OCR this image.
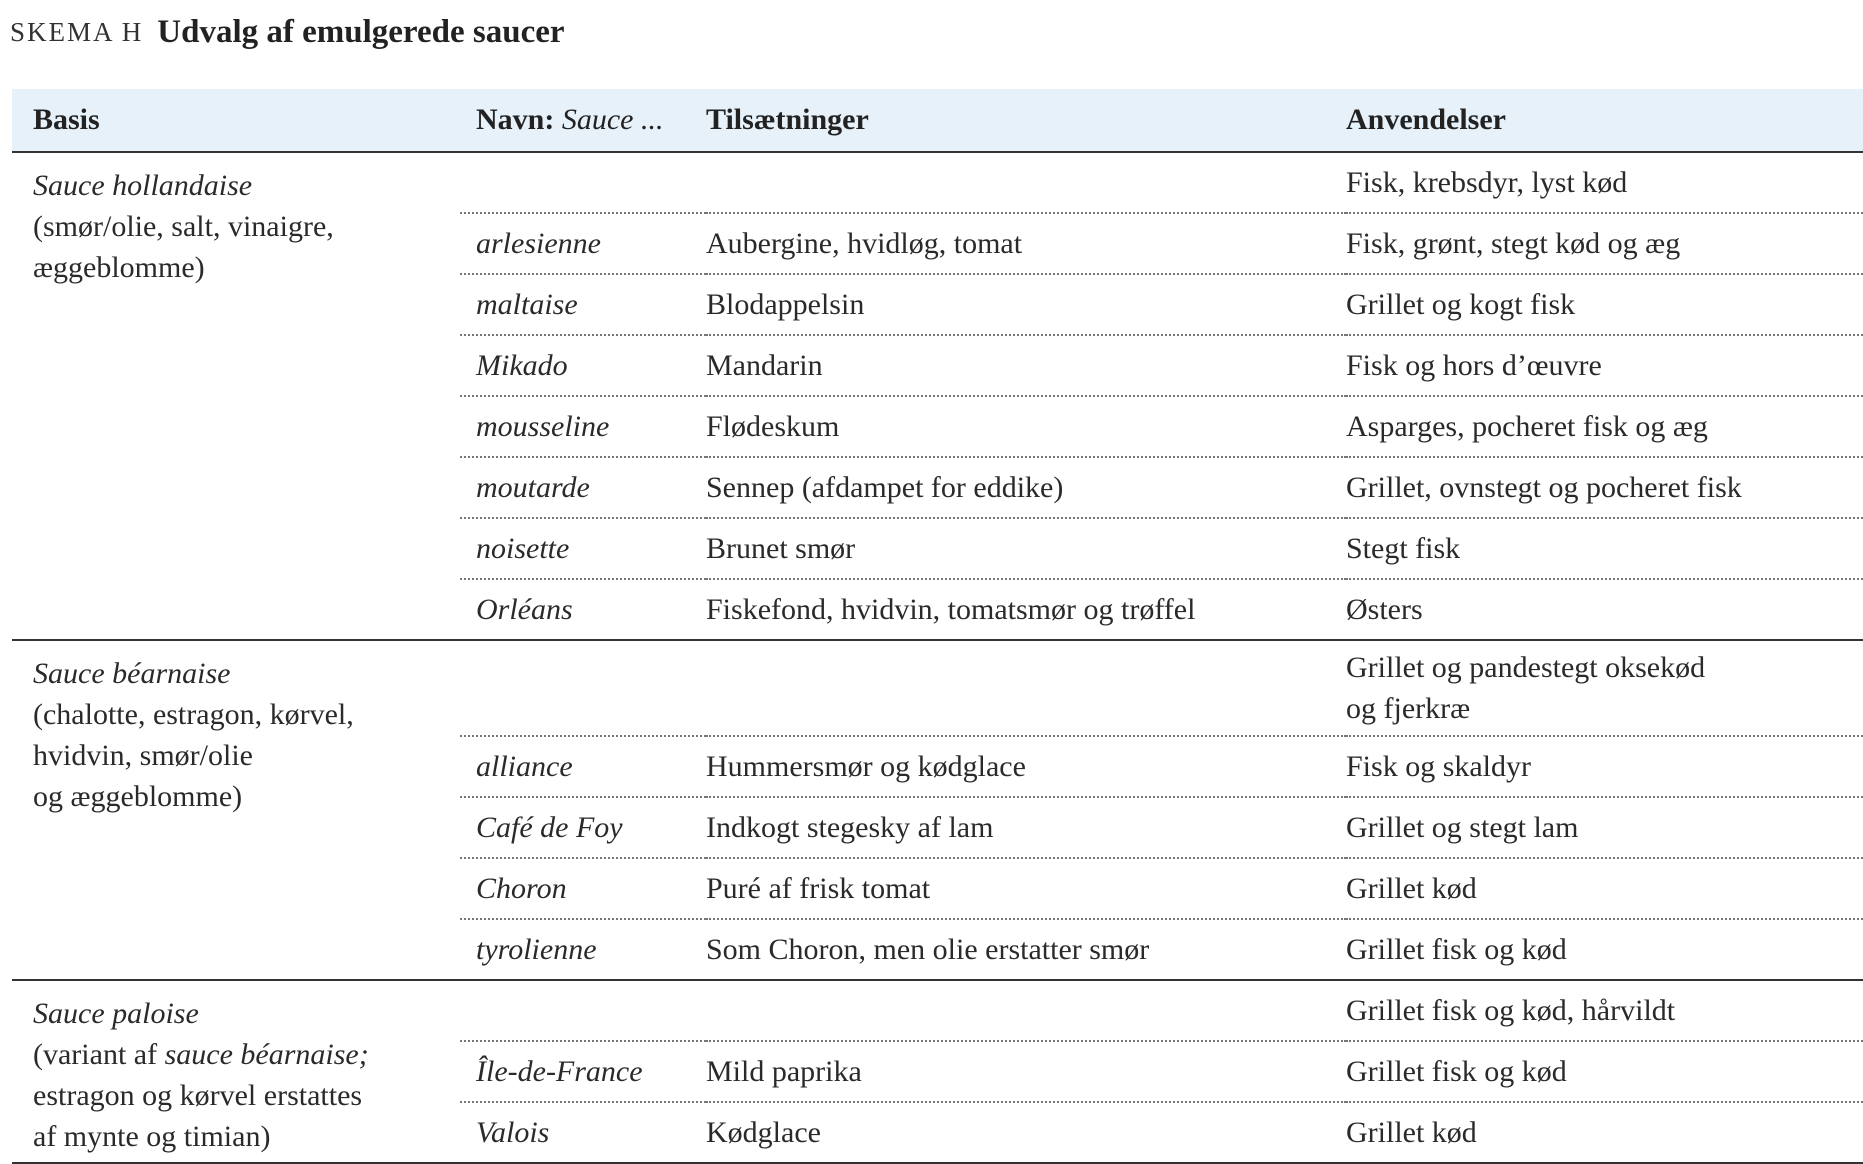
SKEMA H Udvalg af emulgerede saucer
Basis	Navn: Sauce ...	Tilsætninger	Anvendelser

Sauce hollandaise
(smør/olie, salt, vinaigre,
æggeblomme)			Fisk, krebsdyr, lyst kød
	arlesienne	Aubergine, hvidløg, tomat	Fisk, grønt, stegt kød og æg
	maltaise	Blodappelsin	Grillet og kogt fisk
	Mikado	Mandarin	Fisk og hors d’œuvre
	mousseline	Flødeskum	Asparges, pocheret fisk og æg
	moutarde	Sennep (afdampet for eddike)	Grillet, ovnstegt og pocheret fisk
	noisette	Brunet smør	Stegt fisk
	Orléans	Fiskefond, hvidvin, tomatsmør og trøffel	Østers

Sauce béarnaise
(chalotte, estragon, kørvel,
hvidvin, smør/olie
og æggeblomme)			Grillet og pandestegt oksekød
og fjerkræ
	alliance	Hummersmør og kødglace	Fisk og skaldyr
	Café de Foy	Indkogt stegesky af lam	Grillet og stegt lam
	Choron	Puré af frisk tomat	Grillet kød
	tyrolienne	Som Choron, men olie erstatter smør	Grillet fisk og kød

Sauce paloise
(variant af sauce béarnaise;
estragon og kørvel erstattes
af mynte og timian)			Grillet fisk og kød, hårvildt
	Île-de-France	Mild paprika	Grillet fisk og kød
	Valois	Kødglace	Grillet kød
